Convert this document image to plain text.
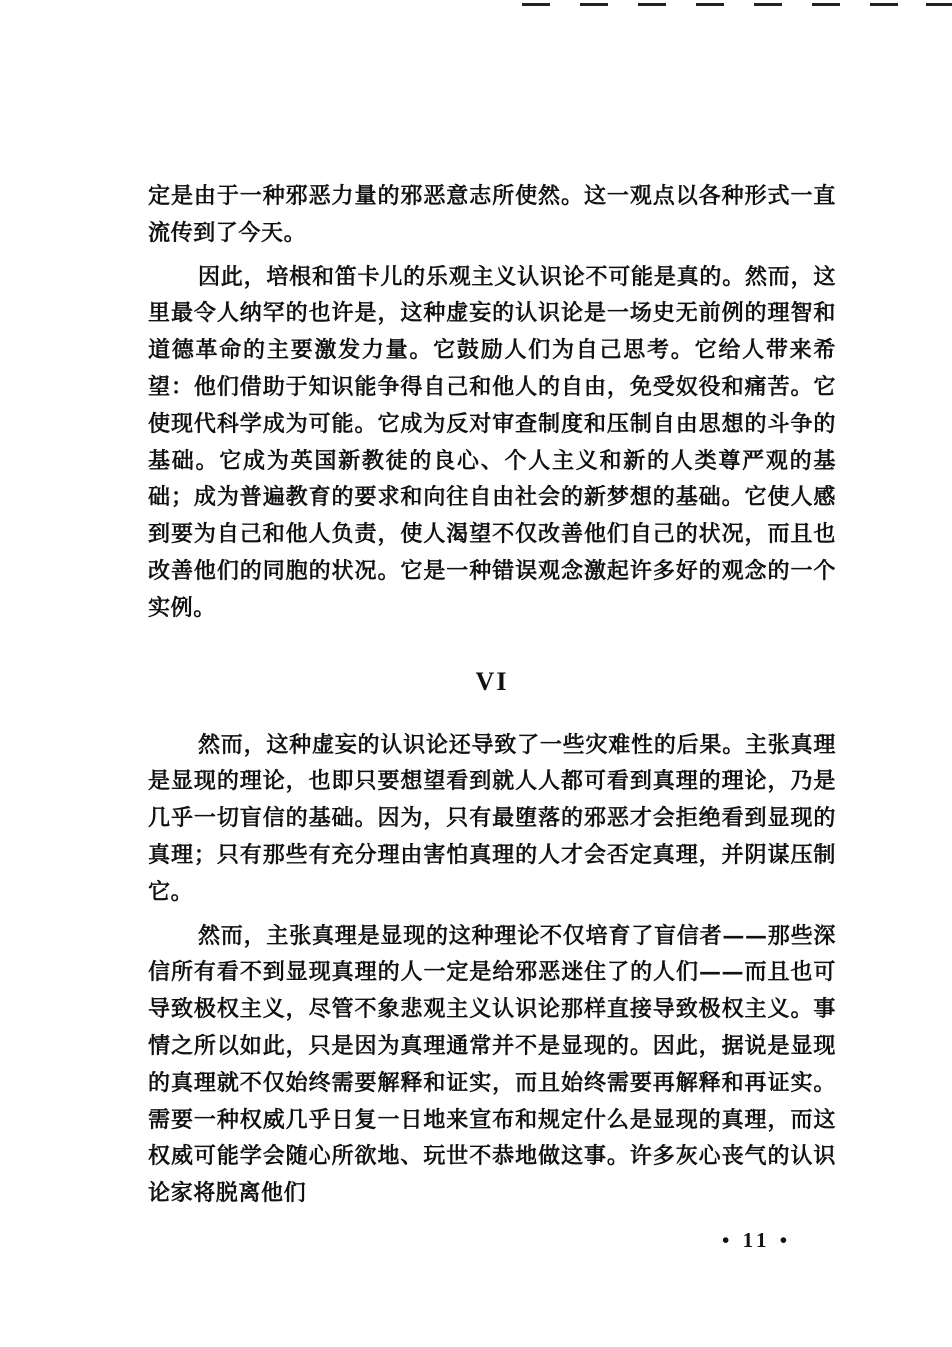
定是由于一种邪恶力量的邪恶意志所使然。这一观点以各种形式一直流传到了今天。

因此，培根和笛卡儿的乐观主义认识论不可能是真的。然而，这里最令人纳罕的也许是，这种虚妄的认识论是一场史无前例的理智和道德革命的主要激发力量。它鼓励人们为自己思考。它给人带来希望：他们借助于知识能争得自己和他人的自由，免受奴役和痛苦。它使现代科学成为可能。它成为反对审查制度和压制自由思想的斗争的基础。它成为英国新教徒的良心、个人主义和新的人类尊严观的基础；成为普遍教育的要求和向往自由社会的新梦想的基础。它使人感到要为自己和他人负责，使人渴望不仅改善他们自己的状况，而且也改善他们的同胞的状况。它是一种错误观念激起许多好的观念的一个实例。

VI

然而，这种虚妄的认识论还导致了一些灾难性的后果。主张真理是显现的理论，也即只要想望看到就人人都可看到真理的理论，乃是几乎一切盲信的基础。因为，只有最堕落的邪恶才会拒绝看到显现的真理；只有那些有充分理由害怕真理的人才会否定真理，并阴谋压制它。

然而，主张真理是显现的这种理论不仅培育了盲信者——那些深信所有看不到显现真理的人一定是给邪恶迷住了的人们——而且也可导致极权主义，尽管不象悲观主义认识论那样直接导致极权主义。事情之所以如此，只是因为真理通常并不是显现的。因此，据说是显现的真理就不仅始终需要解释和证实，而且始终需要再解释和再证实。需要一种权威几乎日复一日地来宣布和规定什么是显现的真理，而这权威可能学会随心所欲地、玩世不恭地做这事。许多灰心丧气的认识论家将脱离他们

• 11 •
